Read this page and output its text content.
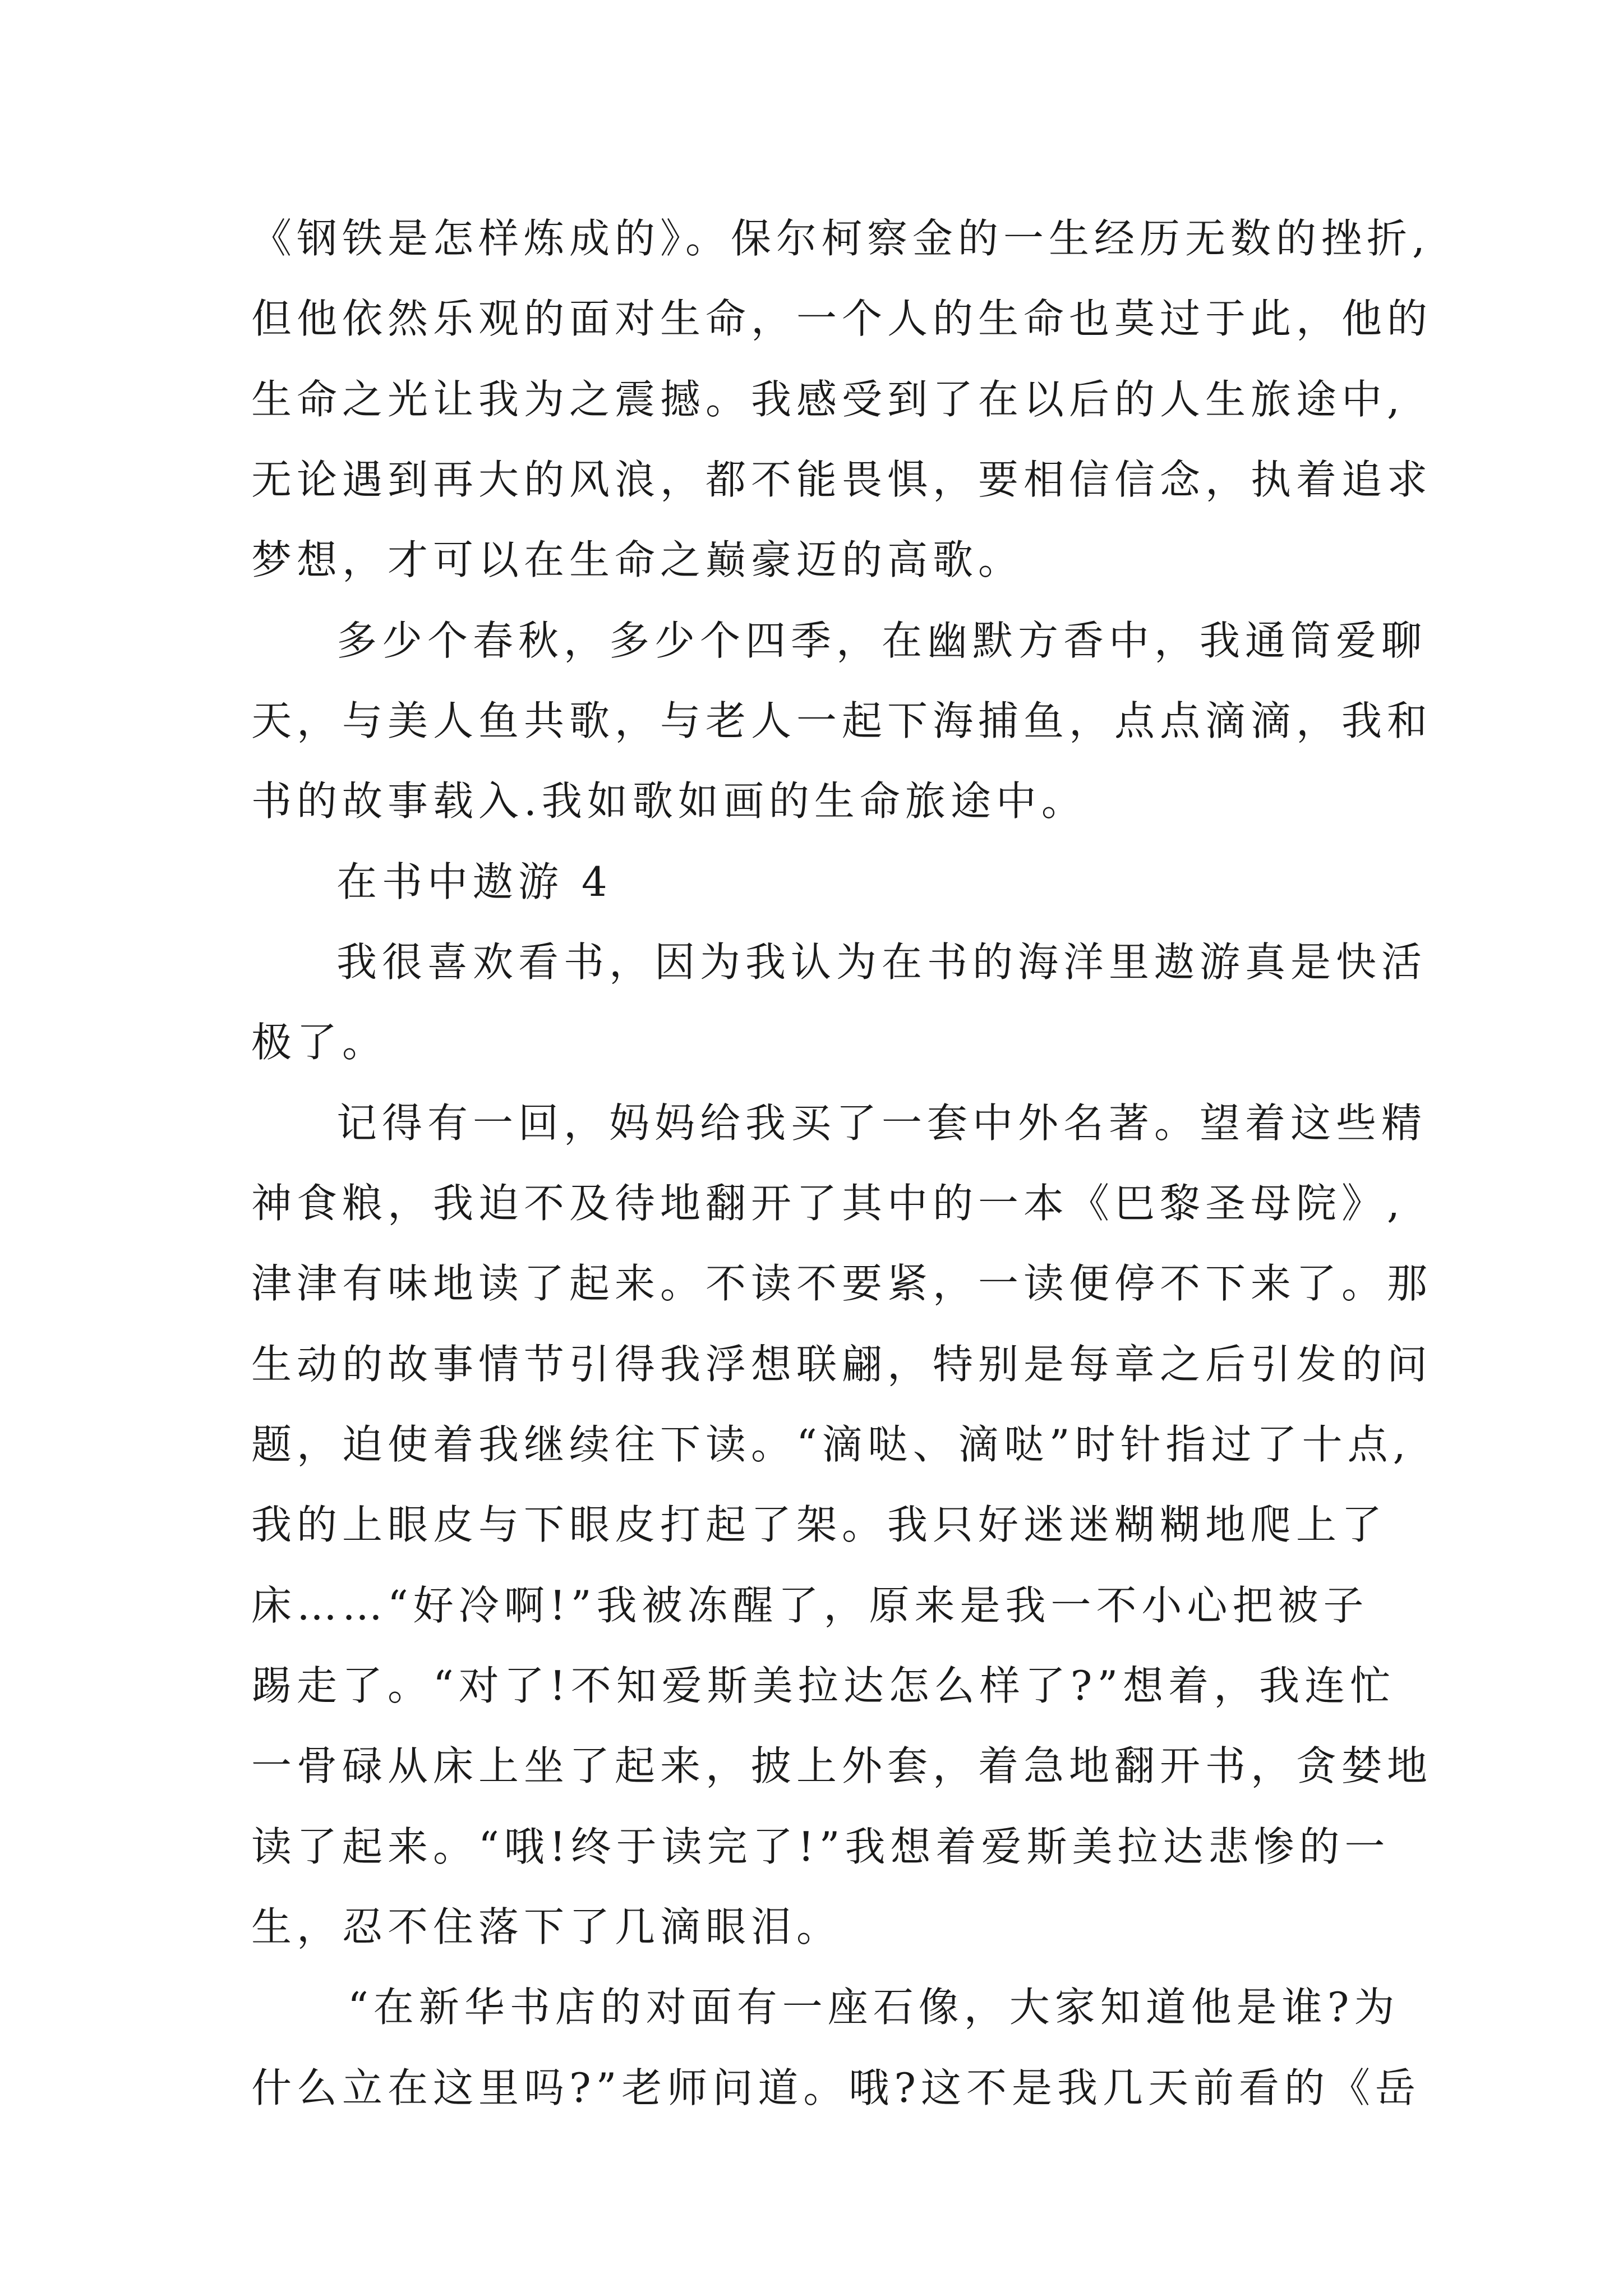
《钢铁是怎样炼成的》。保尔柯察金的一生经历无数的挫折,

但他依然乐观的面对生命，一个人的生命也莫过于此，他的

生命之光让我为之震撼。我感受到了在以后的人生旅途中,

无论遇到再大的风浪，都不能畏惧，要相信信念，执着追求

梦想，才可以在生命之巅豪迈的高歌。

多少个春秋，多少个四季，在幽默方香中，我通筒爱聊

天，与美人鱼共歌，与老人一起下海捕鱼，点点滴滴，我和

书的故事载入.我如歌如画的生命旅途中。

在书中遨游 4

我很喜欢看书，因为我认为在书的海洋里遨游真是快活

极了。

记得有一回，妈妈给我买了一套中外名著。望着这些精

神食粮，我迫不及待地翻开了其中的一本《巴黎圣母院》,

津津有味地读了起来。不读不要紧，一读便停不下来了。那

生动的故事情节引得我浮想联翩，特别是每章之后引发的问

题，迫使着我继续往下读。“滴哒、滴哒”时针指过了十点,

我的上眼皮与下眼皮打起了架。我只好迷迷糊糊地爬上了

床……“好冷啊!”我被冻醒了，原来是我一不小心把被子

踢走了。“对了!不知爱斯美拉达怎么样了?”想着，我连忙

一骨碌从床上坐了起来，披上外套，着急地翻开书，贪婪地

读了起来。“哦!终于读完了!”我想着爱斯美拉达悲惨的一

生，忍不住落下了几滴眼泪。

“在新华书店的对面有一座石像，大家知道他是谁?为

什么立在这里吗?”老师问道。哦?这不是我几天前看的《岳
